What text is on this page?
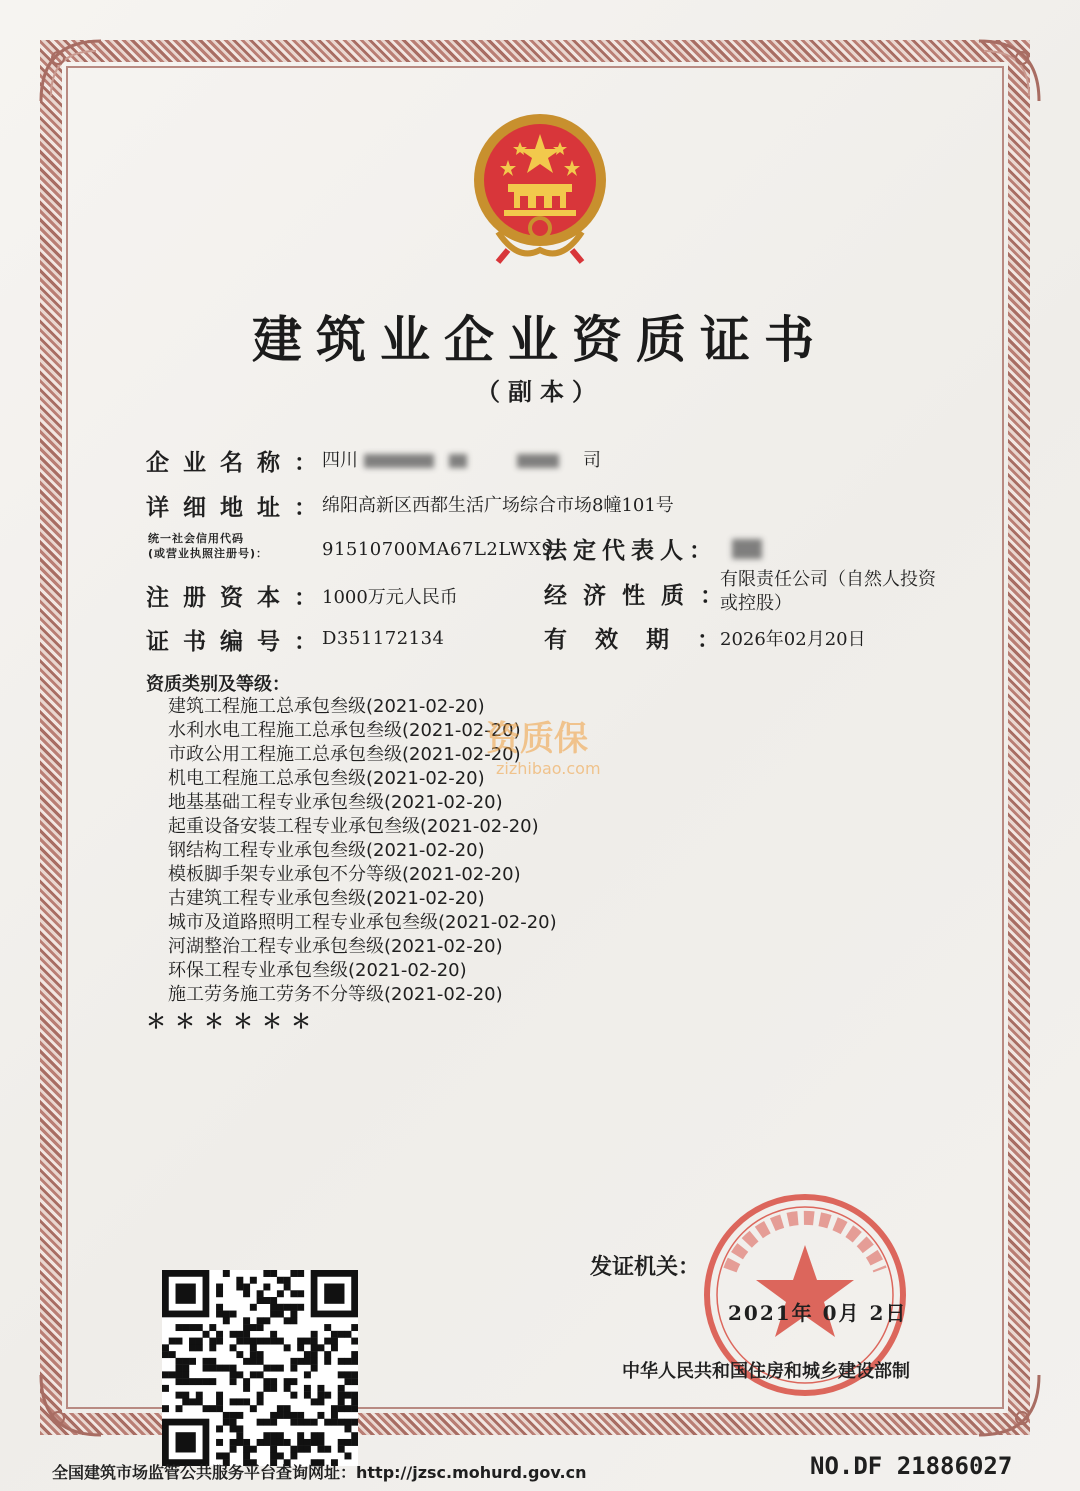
建筑业企业资质证书
（副本）
企业名称：
四川	司
详细地址：
绵阳高新区西都生活广场综合市场8幢101号
统一社会信用代码
(或营业执照注册号)：	91510700MA67L2LWX9
法定代表人：
注册资本：
1000万元人民币	经济性质：
有限责任公司（自然人投资
或控股）
证书编号：
D351172134	有效期：
2026年02月20日
资质类别及等级：
建筑工程施工总承包叁级(2021-02-20)
水利水电工程施工总承包叁级(2021-02-20)
市政公用工程施工总承包叁级(2021-02-20)
机电工程施工总承包叁级(2021-02-20)
地基基础工程专业承包叁级(2021-02-20)
起重设备安装工程专业承包叁级(2021-02-20)
钢结构工程专业承包叁级(2021-02-20)
模板脚手架专业承包不分等级(2021-02-20)
古建筑工程专业承包叁级(2021-02-20)
城市及道路照明工程专业承包叁级(2021-02-20)
河湖整治工程专业承包叁级(2021-02-20)
环保工程专业承包叁级(2021-02-20)
施工劳务施工劳务不分等级(2021-02-20)
＊＊＊＊＊＊
资质保
zizhibao.com
发证机关：
2021年 0月 2日
中华人民共和国住房和城乡建设部制
全国建筑市场监管公共服务平台查询网址：http://jzsc.mohurd.gov.cn	NO.DF 21886027
